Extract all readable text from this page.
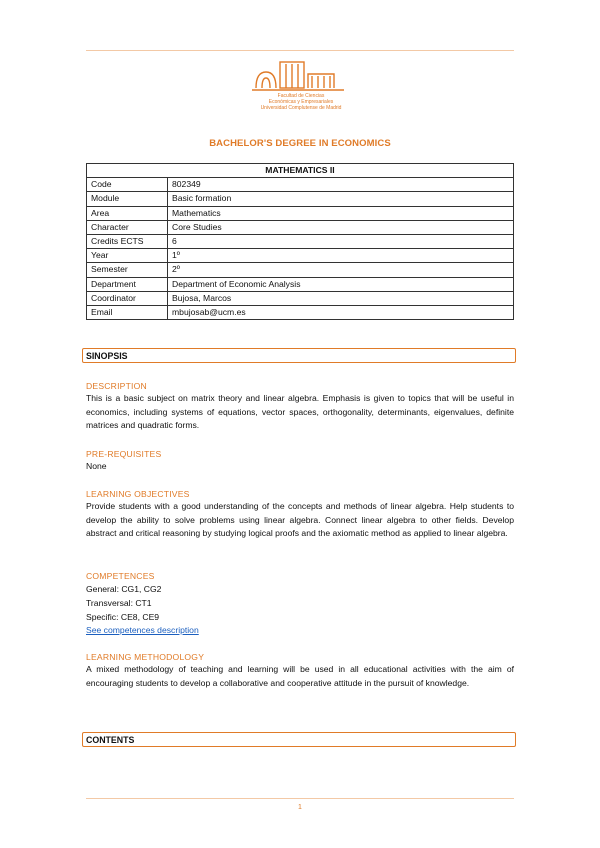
Facultad de Ciencias
Económicas y Empresariales
Universidad Complutense de Madrid
BACHELOR'S DEGREE IN ECONOMICS
MATHEMATICS II	
Code	802349
Module	Basic formation
Area	Mathematics
Character	Core Studies
Credits ECTS	6
Year	1º
Semester	2º
Department	Department of Economic Analysis
Coordinator	Bujosa, Marcos
Email	mbujosab@ucm.es
SINOPSIS
DESCRIPTION
This is a basic subject on matrix theory and linear algebra. Emphasis is given to topics that will be useful in economics, including systems of equations, vector spaces, orthogonality, determinants, eigenvalues, definite matrices and quadratic forms.
PRE-REQUISITES
None
LEARNING OBJECTIVES
Provide students with a good understanding of the concepts and methods of linear algebra. Help students to develop the ability to solve problems using linear algebra. Connect linear algebra to other fields. Develop abstract and critical reasoning by studying logical proofs and the axiomatic method as applied to linear algebra.
COMPETENCES
General: CG1, CG2
Transversal: CT1
Specific: CE8, CE9
See competences description
LEARNING METHODOLOGY
A mixed methodology of teaching and learning will be used in all educational activities with the aim of encouraging students to develop a collaborative and cooperative attitude in the pursuit of knowledge.
CONTENTS
1
